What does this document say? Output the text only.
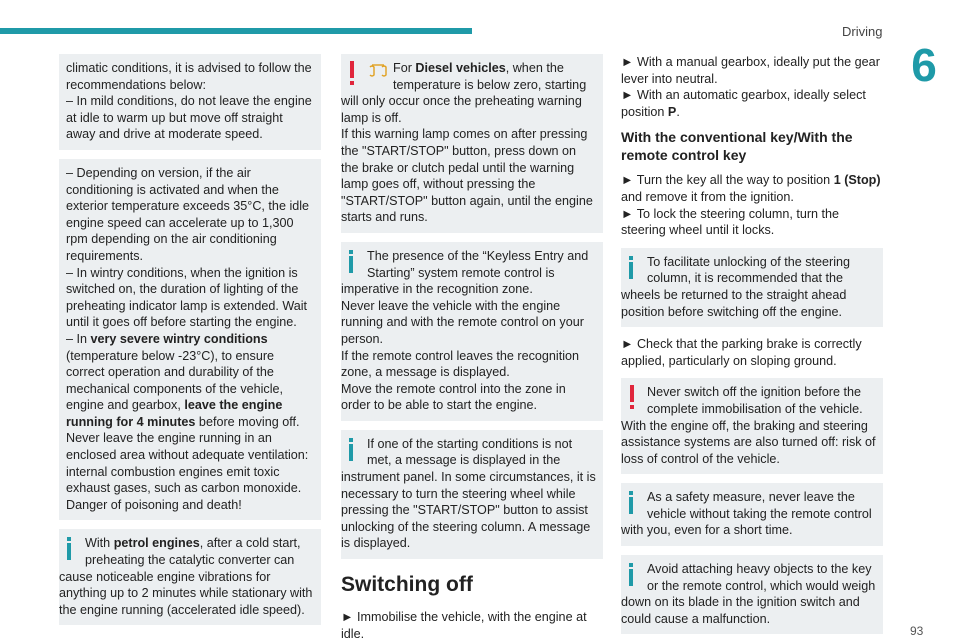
Driving
6
93

climatic conditions, it is advised to follow the recommendations below:
– In mild conditions, do not leave the engine at idle to warm up but move off straight away and drive at moderate speed.

– Depending on version, if the air conditioning is activated and when the exterior temperature exceeds 35°C, the idle engine speed can accelerate up to 1,300 rpm depending on the air conditioning requirements.
– In wintry conditions, when the ignition is switched on, the duration of lighting of the preheating indicator lamp is extended. Wait until it goes off before starting the engine.
– In very severe wintry conditions (temperature below -23°C), to ensure correct operation and durability of the mechanical components of the vehicle, engine and gearbox, leave the engine running for 4 minutes before moving off.
Never leave the engine running in an enclosed area without adequate ventilation: internal combustion engines emit toxic exhaust gases, such as carbon monoxide. Danger of poisoning and death!
With petrol engines, after a cold start, preheating the catalytic converter can cause noticeable engine vibrations for anything up to 2 minutes while stationary with the engine running (accelerated idle speed).
For Diesel vehicles, when the temperature is below zero, starting will only occur once the preheating warning lamp is off.
If this warning lamp comes on after pressing the "START/STOP" button, press down on the brake or clutch pedal until the warning lamp goes off, without pressing the "START/STOP" button again, until the engine starts and runs.
The presence of the “Keyless Entry and Starting” system remote control is imperative in the recognition zone.
Never leave the vehicle with the engine running and with the remote control on your person.
If the remote control leaves the recognition zone, a message is displayed.
Move the remote control into the zone in order to be able to start the engine.
If one of the starting conditions is not met, a message is displayed in the instrument panel. In some circumstances, it is necessary to turn the steering wheel while pressing the "START/STOP" button to assist unlocking of the steering column. A message is displayed.
Switching off
► Immobilise the vehicle, with the engine at idle.
► With a manual gearbox, ideally put the gear lever into neutral.
► With an automatic gearbox, ideally select position P.
With the conventional key/With the remote control key
► Turn the key all the way to position 1 (Stop) and remove it from the ignition.
► To lock the steering column, turn the steering wheel until it locks.
To facilitate unlocking of the steering column, it is recommended that the wheels be returned to the straight ahead position before switching off the engine.
► Check that the parking brake is correctly applied, particularly on sloping ground.
Never switch off the ignition before the complete immobilisation of the vehicle.
With the engine off, the braking and steering assistance systems are also turned off: risk of loss of control of the vehicle.
As a safety measure, never leave the vehicle without taking the remote control with you, even for a short time.
Avoid attaching heavy objects to the key or the remote control, which would weigh down on its blade in the ignition switch and could cause a malfunction.
